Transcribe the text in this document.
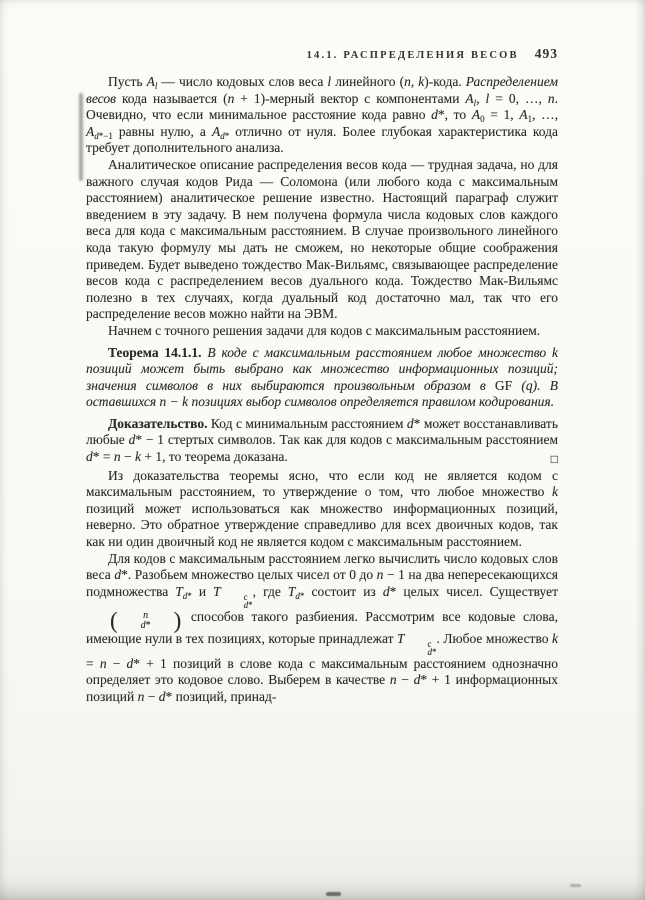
14.1. РАСПРЕДЕЛЕНИЯ ВЕСОВ 493

Пусть $A_l$ — число кодовых слов веса l линейного (n, k)-кода. Распределением весов кода называется (n + 1)-мерный вектор с компонентами $A_l$, l = 0, …, n. Очевидно, что если минимальное расстояние кода равно d*, то $A_0 = 1$, $A_1$, …, $A_{d*-1}$ равны нулю, а $A_{d*}$ отлично от нуля. Более глубокая характеристика кода требует дополнительного анализа.

Аналитическое описание распределения весов кода — трудная задача, но для важного случая кодов Рида — Соломона (или любого кода с максимальным расстоянием) аналитическое решение известно. Настоящий параграф служит введением в эту задачу. В нем получена формула числа кодовых слов каждого веса для кода с максимальным расстоянием. В случае произвольного линейного кода такую формулу мы дать не сможем, но некоторые общие соображения приведем. Будет выведено тождество Мак-Вильямс, связывающее распределение весов кода с распределением весов дуального кода. Тождество Мак-Вильямс полезно в тех случаях, когда дуальный код достаточно мал, так что его распределение весов можно найти на ЭВМ.

Начнем с точного решения задачи для кодов с максимальным расстоянием.

Теорема 14.1.1. В коде с максимальным расстоянием любое множество k позиций может быть выбрано как множество информационных позиций; значения символов в них выбираются произвольным образом в GF (q). В оставшихся n − k позициях выбор символов определяется правилом кодирования.

Доказательство. Код с минимальным расстоянием d* может восстанавливать любые d* − 1 стертых символов. Так как для кодов с максимальным расстоянием d* = n − k + 1, то теорема доказана.	□

Из доказательства теоремы ясно, что если код не является кодом с максимальным расстоянием, то утверждение о том, что любое множество k позиций может использоваться как множество информационных позиций, неверно. Это обратное утверждение справедливо для всех двоичных кодов, так как ни один двоичный код не является кодом с максимальным расстоянием.

Для кодов с максимальным расстоянием легко вычислить число кодовых слов веса d*. Разобьем множество целых чисел от 0 до n − 1 на два непересекающихся подмножества $T_{d*}$ и T	c
d*
, где $T_{d*}$ состоит из d* целых чисел. Существует
(	n
d*	) способов такого разбиения. Рассмотрим все кодовые слова, имеющие нули в тех позициях, которые принадлежат T	c
d*
. Любое множество k = n − d* + 1 позиций в слове кода с максимальным расстоянием однозначно определяет это кодовое слово. Выберем в качестве n − d* + 1 информационных позиций n − d* позиций, принад-
